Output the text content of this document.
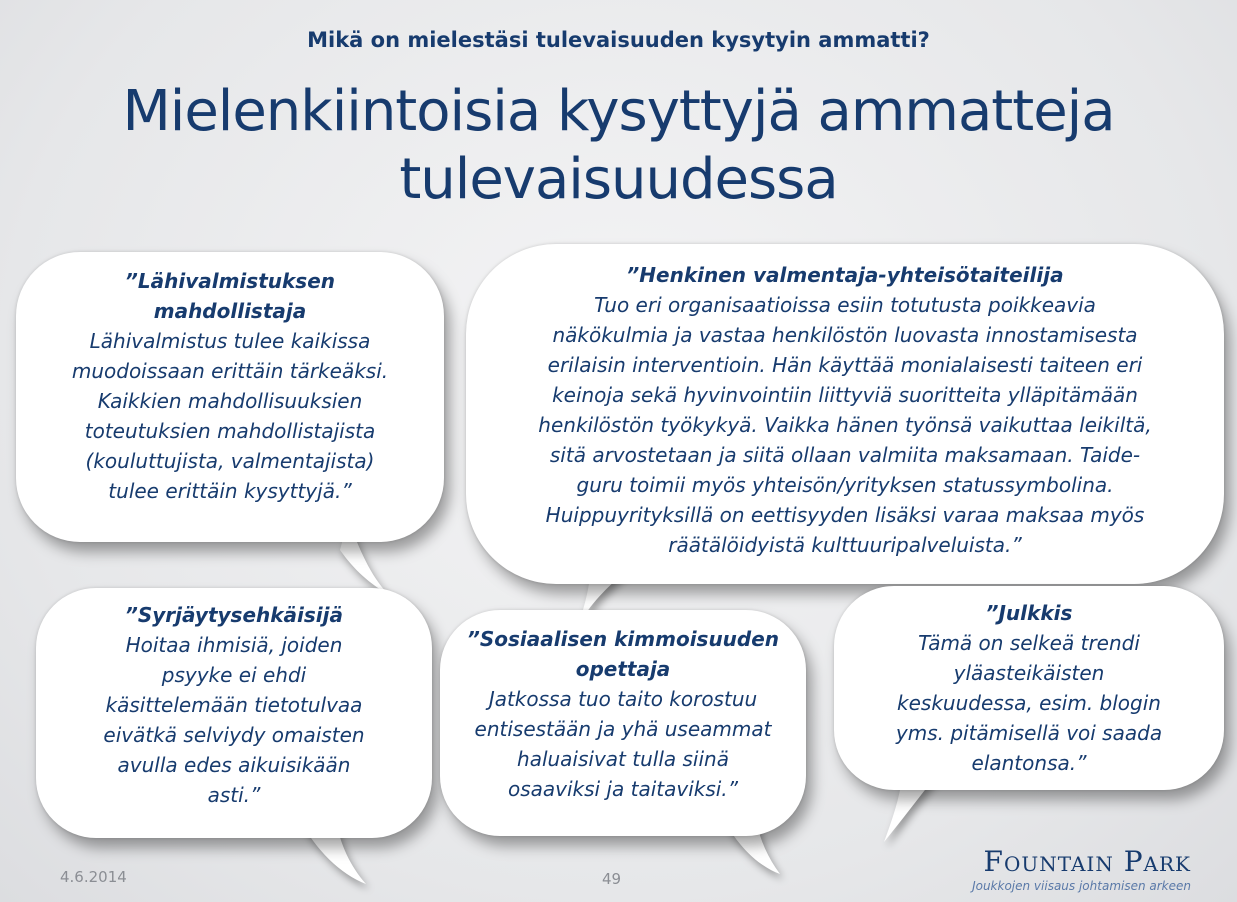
Mikä on mielestäsi tulevaisuuden kysytyin ammatti?
Mielenkiintoisia kysyttyjä ammatteja
tulevaisuudessa
”Lähivalmistuksen
mahdollistaja
Lähivalmistus tulee kaikissa
muodoissaan erittäin tärkeäksi.
Kaikkien mahdollisuuksien
toteutuksien mahdollistajista
(kouluttujista, valmentajista)
tulee erittäin kysyttyjä.”
”Henkinen valmentaja-yhteisötaiteilija
Tuo eri organisaatioissa esiin totutusta poikkeavia
näkökulmia ja vastaa henkilöstön luovasta innostamisesta
erilaisin interventioin. Hän käyttää monialaisesti taiteen eri
keinoja sekä hyvinvointiin liittyviä suoritteita ylläpitämään
henkilöstön työkykyä. Vaikka hänen työnsä vaikuttaa leikiltä,
sitä arvostetaan ja siitä ollaan valmiita maksamaan. Taide-
guru toimii myös yhteisön/yrityksen statussymbolina.
Huippuyrityksillä on eettisyyden lisäksi varaa maksaa myös
räätälöidyistä kulttuuripalveluista.”
”Syrjäytysehkäisijä
Hoitaa ihmisiä, joiden
psyyke ei ehdi
käsittelemään tietotulvaa
eivätkä selviydy omaisten
avulla edes aikuisikään
asti.”
”Sosiaalisen kimmoisuuden
opettaja
Jatkossa tuo taito korostuu
entisestään ja yhä useammat
haluaisivat tulla siinä
osaaviksi ja taitaviksi.”
”Julkkis
Tämä on selkeä trendi
yläasteikäisten
keskuudessa, esim. blogin
yms. pitämisellä voi saada
elantonsa.”
4.6.2014	49
Fountain Park
Joukkojen viisaus johtamisen arkeen
